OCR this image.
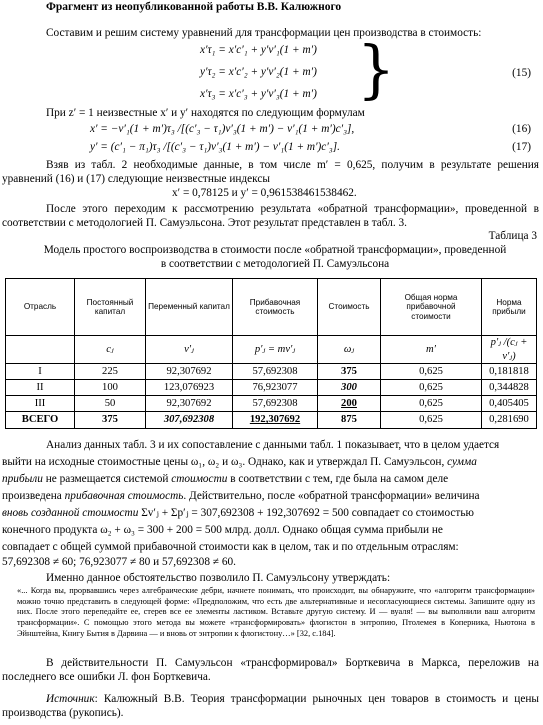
Фрагмент из неопубликованной работы В.В. Калюжного
Составим и решим систему уравнений для трансформации цен производства в стоимость:
x′τ₁ = x′c′₁ + y′v′₁(1 + m′)
y′τ₂ = x′c′₂ + y′v′₂(1 + m′)
x′τ₃ = x′c′₃ + y′v′₃(1 + m′) }	(15)
При z′ = 1 неизвестные x′ и y′ находятся по следующим формулам
x′ = −v′₁(1 + m′)τ₃ /[(c′₃ − τ₁)v′₃(1 + m′) − v′₁(1 + m′)c′₃],	(16)
y′ = (c′₁ − π₁)τ₃ /[(c′₃ − τ₁)v′₃(1 + m′) − v′₁(1 + m′)c′₃].	(17)
Взяв из табл. 2 необходимые данные, в том числе m′ = 0,625, получим в результате решения уравнений (16) и (17) следующие неизвестные индексы
x′ = 0,78125 и y′ = 0,961538461538462.
После этого переходим к рассмотрению результата «обратной трансформации», проведенной в соответствии с методологией П. Самуэльсона. Этот результат представлен в табл. 3.
Таблица 3
Модель простого воспроизводства в стоимости после «обратной трансформации», проведенной в соответствии с методологией П. Самуэльсона
Отрасль	Постоянный капитал	Переменный капитал	Прибавочная стоимость	Стоимость	Общая норма прибавочной стоимости	Норма прибыли
	cⱼ	v′ⱼ	p′ⱼ = mv′ⱼ	ωⱼ	m′	p′ⱼ /(cⱼ + v′ⱼ)
I	225	92,307692	57,692308	375	0,625	0,181818
II	100	123,076923	76,923077	300	0,625	0,344828
III	50	92,307692	57,692308	200	0,625	0,405405
ВСЕГО	375	307,692308	192,307692	875	0,625	0,281690
Анализ данных табл. 3 и их сопоставление с данными табл. 1 показывает, что в целом удается
выйти на исходные стоимостные цены ω₁, ω₂ и ω₃. Однако, как и утверждал П. Самуэльсон, сумма
прибыли не размещается системой стоимости в соответствии с тем, где была на самом деле
произведена прибавочная стоимость. Действительно, после «обратной трансформации» величина
вновь созданной стоимости Σv′ⱼ + Σp′ⱼ = 307,692308 + 192,307692 = 500 совпадает со стоимостью
конечного продукта ω₂ + ω₃ = 300 + 200 = 500 млрд. долл. Однако общая сумма прибыли не
совпадает с общей суммой прибавочной стоимости как в целом, так и по отдельным отраслям:
57,692308 ≠ 60; 76,923077 ≠ 80 и 57,692308 ≠ 60.
Именно данное обстоятельство позволило П. Самуэльсону утверждать:
«... Когда вы, прорвавшись через алгебраические дебри, начнете понимать, что происходит, вы обнаружите, что «алгоритм трансформации» можно точно представить в следующей форме: «Предположим, что есть две альтернативные и несогласующиеся системы. Запишите одну из них. После этого перепедайте ее, стерев все ее элементы ластиком. Вставьте другую систему. И — вуаля! — вы выполнили ваш алгоритм трансформации». С помощью этого метода вы можете «трансформировать» флогистон в энтропию, Птолемея в Коперника, Ньютона в Эйнштейна, Книгу Бытия в Дарвина — и вновь от энтропии к флогистону…» [32, с.184].
В действительности П. Самуэльсон «трансформировал» Борткевича в Маркса, переложив на последнего все ошибки Л. фон Борткевича.
Источник: Калюжный В.В. Теория трансформации рыночных цен товаров в стоимость и цены производства (рукопись).
